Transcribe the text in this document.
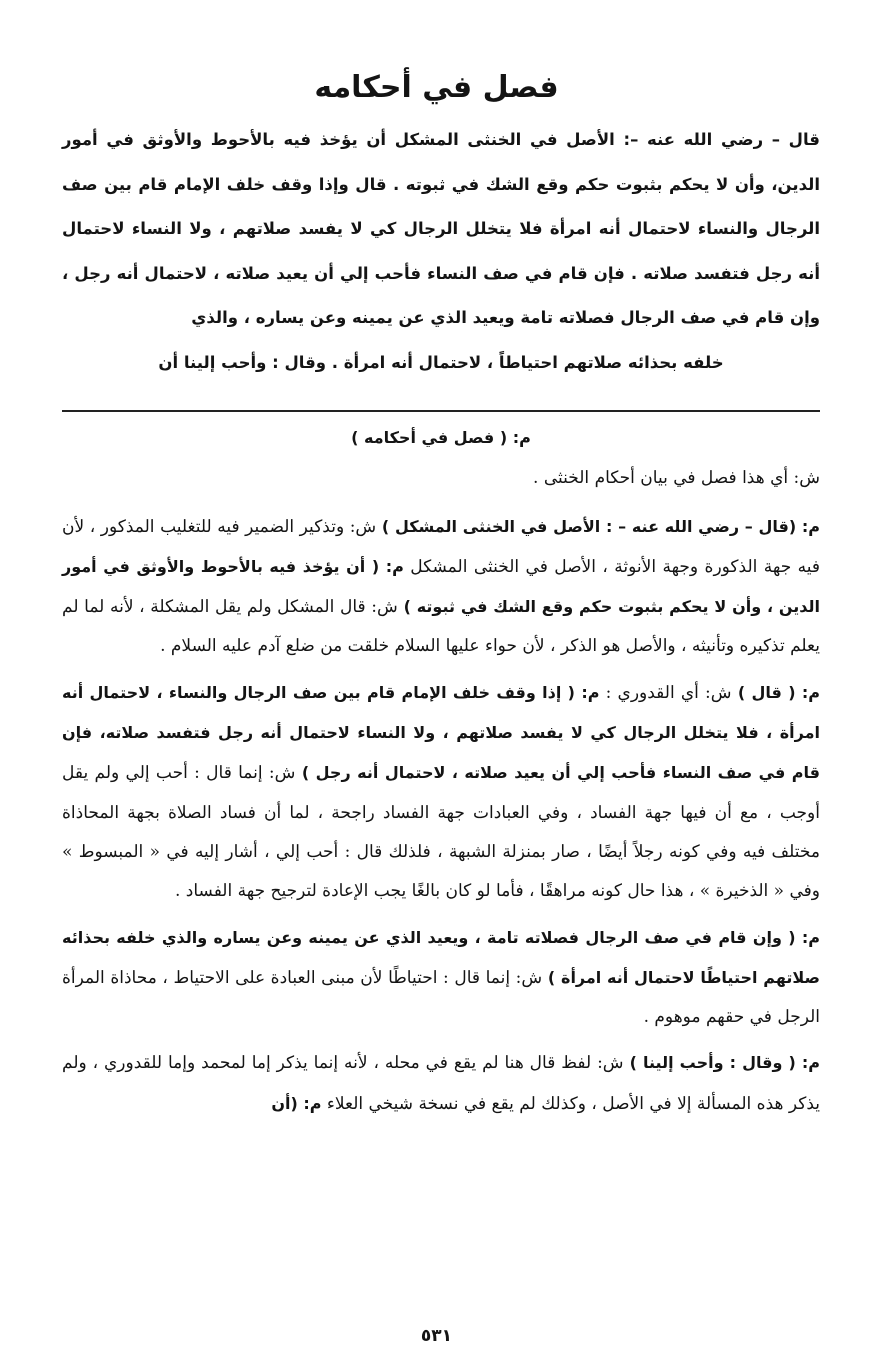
فصل في أحكامه
قال – رضي الله عنه –: الأصل في الخنثى المشكل أن يؤخذ فيه بالأحوط والأوثق في أمور الدين، وأن لا يحكم بثبوت حكم وقع الشك في ثبوته . قال وإذا وقف خلف الإمام قام بين صف الرجال والنساء لاحتمال أنه امرأة فلا يتخلل الرجال كي لا يفسد صلاتهم ، ولا النساء لاحتمال أنه رجل فتفسد صلاته . فإن قام في صف النساء فأحب إلي أن يعيد صلاته ، لاحتمال أنه رجل ، وإن قام في صف الرجال فصلاته تامة ويعيد الذي عن يمينه وعن يساره ، والذي
خلفه بحذائه صلاتهم احتياطاً ، لاحتمال أنه امرأة . وقال : وأحب إلينا أن

م: ( فصل في أحكامه )

ش: أي هذا فصل في بيان أحكام الخنثى .

م: (قال – رضي الله عنه – : الأصل في الخنثى المشكل ) ش: وتذكير الضمير فيه للتغليب المذكور ، لأن فيه جهة الذكورة وجهة الأنوثة ، الأصل في الخنثى المشكل م: ( أن يؤخذ فيه بالأحوط والأوثق في أمور الدين ، وأن لا يحكم بثبوت حكم وقع الشك في ثبوته ) ش: قال المشكل ولم يقل المشكلة ، لأنه لما لم يعلم تذكيره وتأنيثه ، والأصل هو الذكر ، لأن حواء عليها السلام خلقت من ضلع آدم عليه السلام .

م: ( قال ) ش: أي القدوري : م: ( إذا وقف خلف الإمام قام بين صف الرجال والنساء ، لاحتمال أنه امرأة ، فلا يتخلل الرجال كي لا يفسد صلاتهم ، ولا النساء لاحتمال أنه رجل فتفسد صلاته، فإن قام في صف النساء فأحب إلي أن يعيد صلاته ، لاحتمال أنه رجل ) ش: إنما قال : أحب إلي ولم يقل أوجب ، مع أن فيها جهة الفساد ، وفي العبادات جهة الفساد راجحة ، لما أن فساد الصلاة بجهة المحاذاة مختلف فيه وفي كونه رجلاً أيضًا ، صار بمنزلة الشبهة ، فلذلك قال : أحب إلي ، أشار إليه في « المبسوط » وفي « الذخيرة » ، هذا حال كونه مراهقًا ، فأما لو كان بالغًا يجب الإعادة لترجيح جهة الفساد .

م: ( وإن قام في صف الرجال فصلاته تامة ، ويعيد الذي عن يمينه وعن يساره والذي خلفه بحذائه صلاتهم احتياطًا لاحتمال أنه امرأة ) ش: إنما قال : احتياطًا لأن مبنى العبادة على الاحتياط ، محاذاة المرأة الرجل في حقهم موهوم .

م: ( وقال : وأحب إلينا ) ش: لفظ قال هنا لم يقع في محله ، لأنه إنما يذكر إما لمحمد وإما للقدوري ، ولم يذكر هذه المسألة إلا في الأصل ، وكذلك لم يقع في نسخة شيخي العلاء م: (أن

٥٣١
